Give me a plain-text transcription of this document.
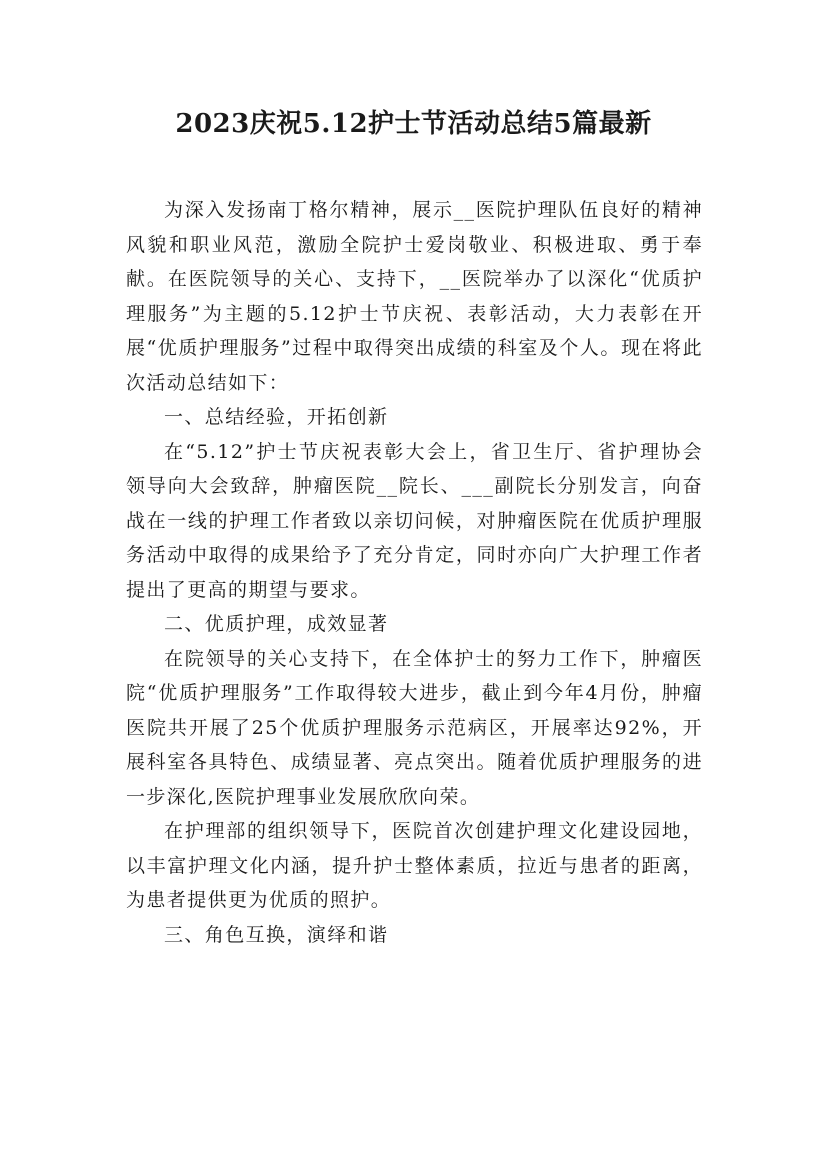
2023庆祝5.12护士节活动总结5篇最新

为深入发扬南丁格尔精神，展示__医院护理队伍良好的精神风貌和职业风范，激励全院护士爱岗敬业、积极进取、勇于奉献。在医院领导的关心、支持下，__医院举办了以深化“优质护理服务”为主题的5.12护士节庆祝、表彰活动，大力表彰在开展“优质护理服务”过程中取得突出成绩的科室及个人。现在将此次活动总结如下：

一、总结经验，开拓创新

在“5.12”护士节庆祝表彰大会上，省卫生厅、省护理协会领导向大会致辞，肿瘤医院__院长、___副院长分别发言，向奋战在一线的护理工作者致以亲切问候，对肿瘤医院在优质护理服务活动中取得的成果给予了充分肯定，同时亦向广大护理工作者提出了更高的期望与要求。

二、优质护理，成效显著

在院领导的关心支持下，在全体护士的努力工作下，肿瘤医院“优质护理服务”工作取得较大进步，截止到今年4月份，肿瘤医院共开展了25个优质护理服务示范病区，开展率达92%，开展科室各具特色、成绩显著、亮点突出。随着优质护理服务的进一步深化,医院护理事业发展欣欣向荣。

在护理部的组织领导下，医院首次创建护理文化建设园地，以丰富护理文化内涵，提升护士整体素质，拉近与患者的距离，为患者提供更为优质的照护。

三、角色互换，演绎和谐
